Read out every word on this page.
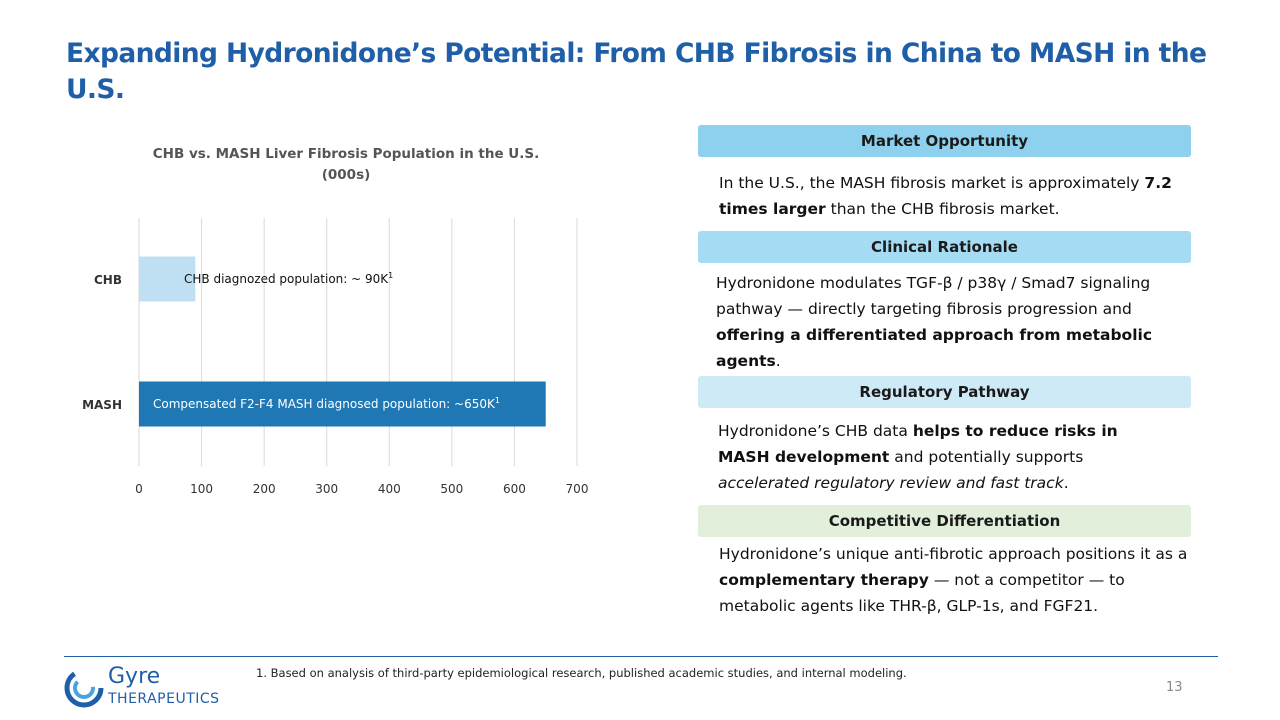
Expanding Hydronidone’s Potential: From CHB Fibrosis in China to MASH in the U.S.
CHB vs. MASH Liver Fibrosis Population in the U.S.
(000s)
CHB diagnozed population: ~ $90K^1$
Compensated F2-F4 MASH diagnosed population: $\sim 650K^1$
0	100	200	300	400	500	600	700
CHB
MASH
Market Opportunity
In the U.S., the MASH fibrosis market is approximately 7.2 times larger than the CHB fibrosis market.
Clinical Rationale
Hydronidone modulates TGF-β / p38γ / Smad7 signaling pathway — directly targeting fibrosis progression and offering a differentiated approach from metabolic agents.
Regulatory Pathway
Hydronidone’s CHB data helps to reduce risks in MASH development and potentially supports accelerated regulatory review and fast track.
Competitive Differentiation
Hydronidone’s unique anti-fibrotic approach positions it as a complementary therapy — not a competitor — to metabolic agents like THR-β, GLP-1s, and FGF21.
Gyre
THERAPEUTICS
1. Based on analysis of third-party epidemiological research, published academic studies, and internal modeling.
13
